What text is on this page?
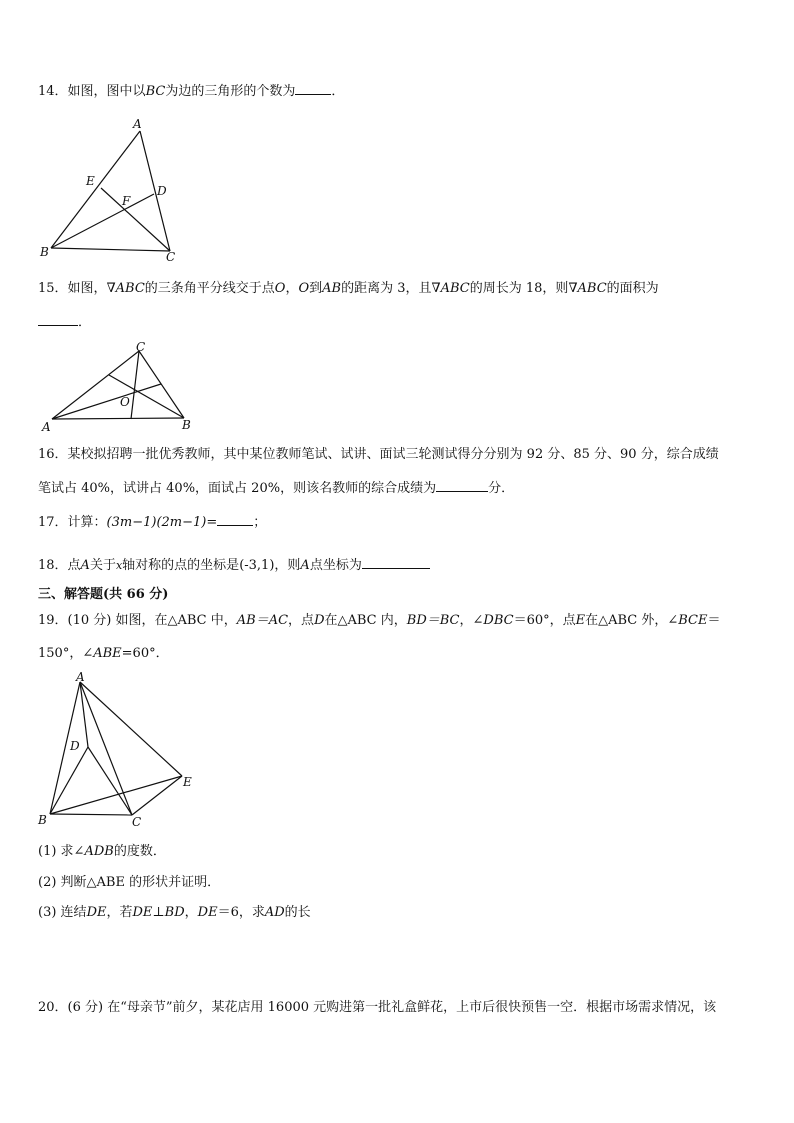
14．如图，图中以BC为边的三角形的个数为	．
A
E
D
F
B	C
15．如图，∇ABC的三条角平分线交于点O，O到AB的距离为 3，且∇ABC的周长为 18，则∇ABC的面积为
．
C
O
A	B
16．某校拟招聘一批优秀教师，其中某位教师笔试、试讲、面试三轮测试得分分别为 92 分、85 分、90 分，综合成绩
笔试占 40%，试讲占 40%，面试占 20%，则该名教师的综合成绩为	分．
17．计算：(3m−1)(2m−1)=	；
18．点A关于x轴对称的点的坐标是(-3,1)，则A点坐标为
三、解答题(共 66 分)
19．(10 分) 如图，在△ABC 中，AB＝AC，点D在△ABC 内，BD＝BC，∠DBC＝60°，点E在△ABC 外，∠BCE＝
150°，∠ABE=60°．
A
D
E
B	C
(1) 求∠ADB的度数．
(2) 判断△ABE 的形状并证明．
(3) 连结DE，若DE⊥BD，DE＝6，求AD的长
20．(6 分) 在“母亲节”前夕，某花店用 16000 元购进第一批礼盒鲜花，上市后很快预售一空．根据市场需求情况，该
